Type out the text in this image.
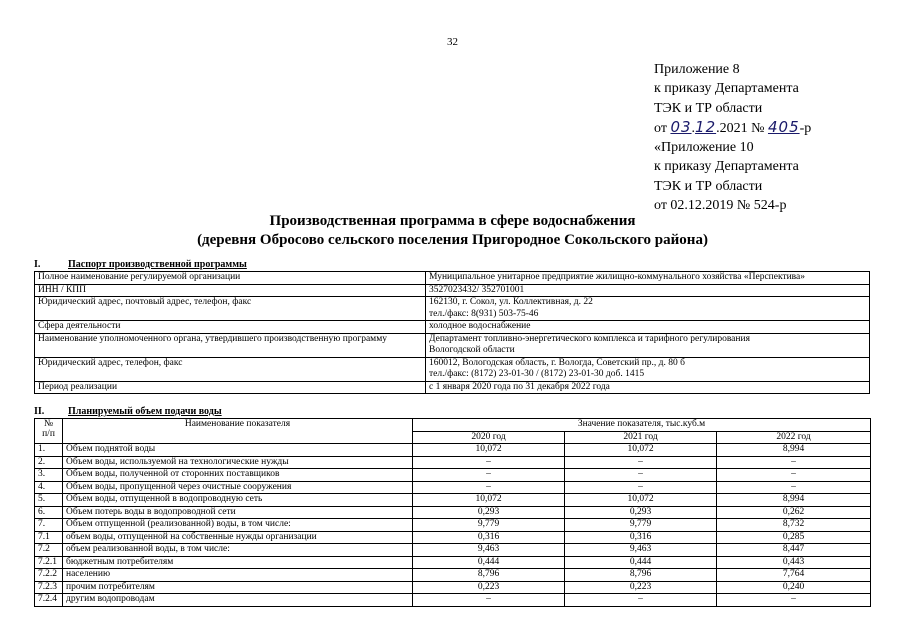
32
Приложение 8
к приказу Департамента
ТЭК и ТР области
от 03.12.2021 № 405-р
«Приложение 10
к приказу Департамента
ТЭК и ТР области
от 02.12.2019 № 524-р
Производственная программа в сфере водоснабжения
(деревня Обросово сельского поселения Пригородное Сокольского района)
I.	Паспорт производственной программы
Полное наименование регулируемой организации	Муниципальное унитарное предприятие жилищно-коммунального хозяйства «Перспектива»

ИНН / КПП	3527023432/ 352701001

Юридический адрес, почтовый адрес, телефон, факс	162130, г. Сокол, ул. Коллективная, д. 22
тел./факс: 8(931) 503-75-46

Сфера деятельности	холодное водоснабжение

Наименование уполномоченного органа, утвердившего производственную программу	Департамент топливно-энергетического комплекса и тарифного регулирования
Вологодской области

Юридический адрес, телефон, факс	160012, Вологодская область, г. Вологда, Советский пр., д. 80 б
тел./факс: (8172) 23-01-30 / (8172) 23-01-30 доб. 1415

Период реализации	с 1 января 2020 года по 31 декабря 2022 года
II. Планируемый объем подачи воды
№
п/п	Наименование показателя	Значение показателя, тыс.куб.м		
		2020 год	2021 год	2022 год
1.	Объем поднятой воды	10,072	10,072	8,994
2.	Объем воды, используемой на технологические нужды	–	–	–
3.	Объем воды, полученной от сторонних поставщиков	–	–	–
4.	Объем воды, пропущенной через очистные сооружения	–	–	–
5.	Объем воды, отпущенной в водопроводную сеть	10,072	10,072	8,994
6.	Объем потерь воды в водопроводной сети	0,293	0,293	0,262
7.	Объем отпущенной (реализованной) воды, в том числе:	9,779	9,779	8,732
7.1	объем воды, отпущенной на собственные нужды организации	0,316	0,316	0,285
7.2	объем реализованной воды, в том числе:	9,463	9,463	8,447
7.2.1	бюджетным потребителям	0,444	0,444	0,443
7.2.2	населению	8,796	8,796	7,764
7.2.3	прочим потребителям	0,223	0,223	0,240
7.2.4	другим водопроводам	–	–	–
